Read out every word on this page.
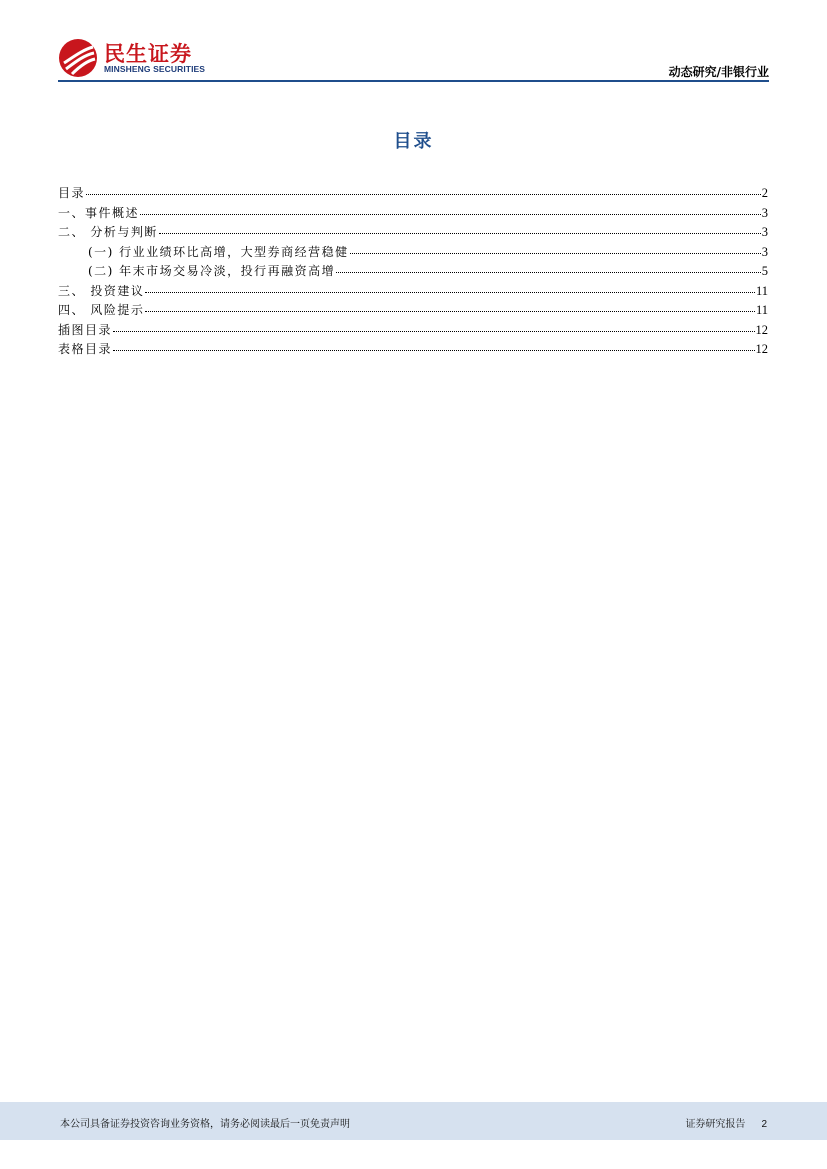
民生证券
MINSHENG SECURITIES	动态研究/非银行业
目录
目录	2
一、事件概述	3
二、 分析与判断	3
(一) 行业业绩环比高增，大型券商经营稳健	3
(二) 年末市场交易冷淡，投行再融资高增	5
三、 投资建议	11
四、 风险提示	11
插图目录	12
表格目录	12
本公司具备证券投资咨询业务资格，请务必阅读最后一页免责声明	证券研究报告 2
